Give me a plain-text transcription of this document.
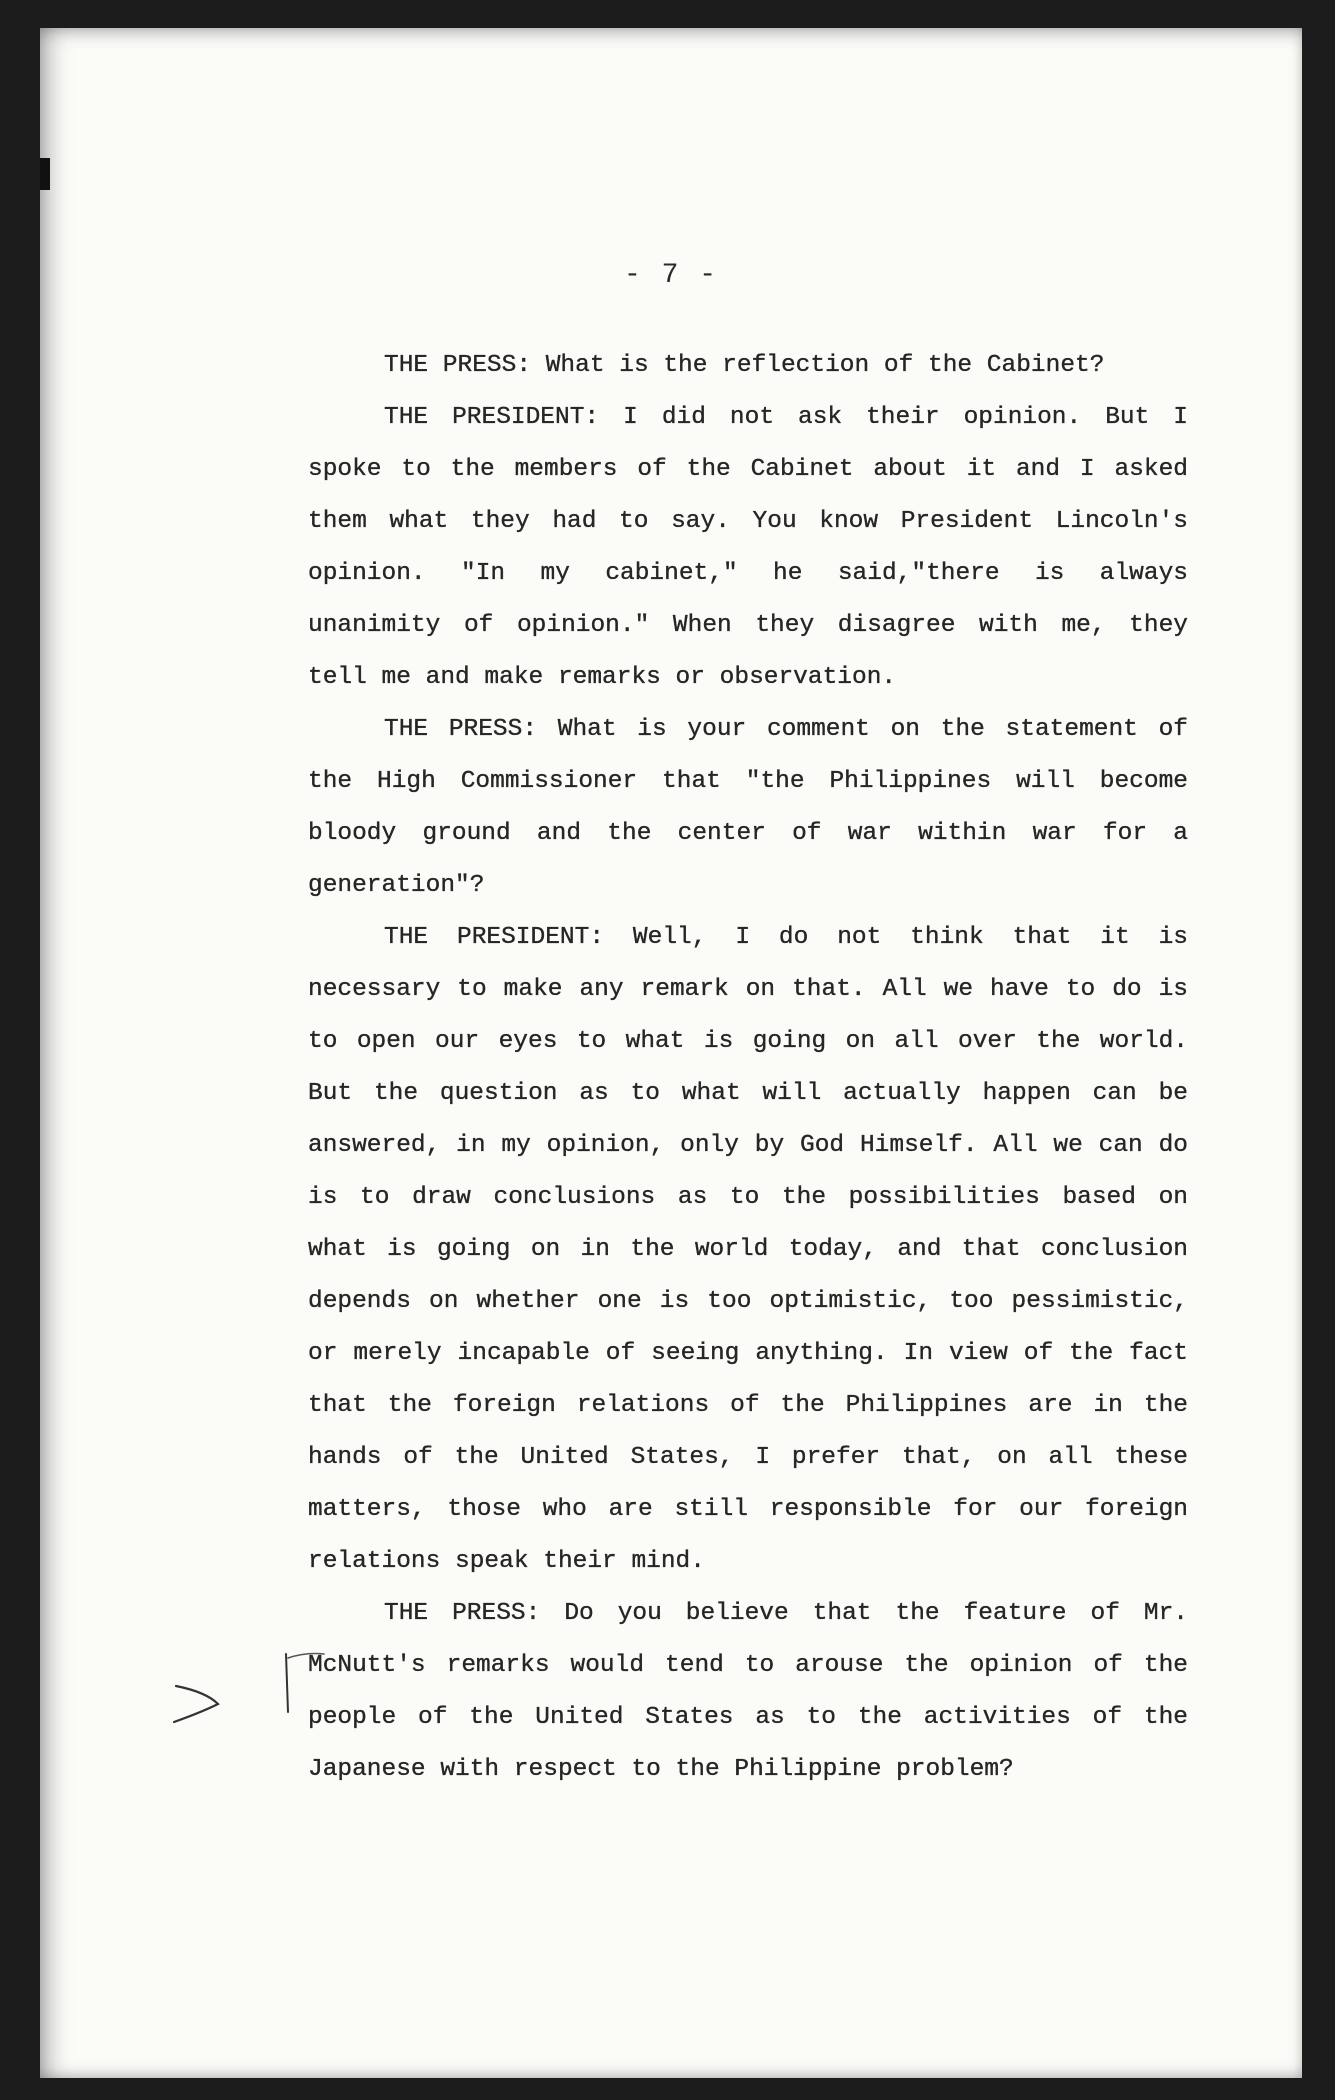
- 7 -

THE PRESS: What is the reflection of the Cabinet?

THE PRESIDENT: I did not ask their opinion. But I spoke to the members of the Cabinet about it and I asked them what they had to say. You know President Lincoln's opinion. "In my cabinet," he said,"there is always unanimity of opinion." When they disagree with me, they tell me and make remarks or observation.

THE PRESS: What is your comment on the statement of the High Commissioner that "the Philippines will become bloody ground and the center of war within war for a generation"?

THE PRESIDENT: Well, I do not think that it is necessary to make any remark on that. All we have to do is to open our eyes to what is going on all over the world. But the question as to what will actually happen can be answered, in my opinion, only by God Himself. All we can do is to draw conclusions as to the possibilities based on what is going on in the world today, and that conclusion depends on whether one is too optimistic, too pessimistic, or merely incapable of seeing anything. In view of the fact that the foreign relations of the Philippines are in the hands of the United States, I prefer that, on all these matters, those who are still responsible for our foreign relations speak their mind.

THE PRESS: Do you believe that the feature of Mr. McNutt's remarks would tend to arouse the opinion of the people of the United States as to the activities of the Japanese with respect to the Philippine problem?
